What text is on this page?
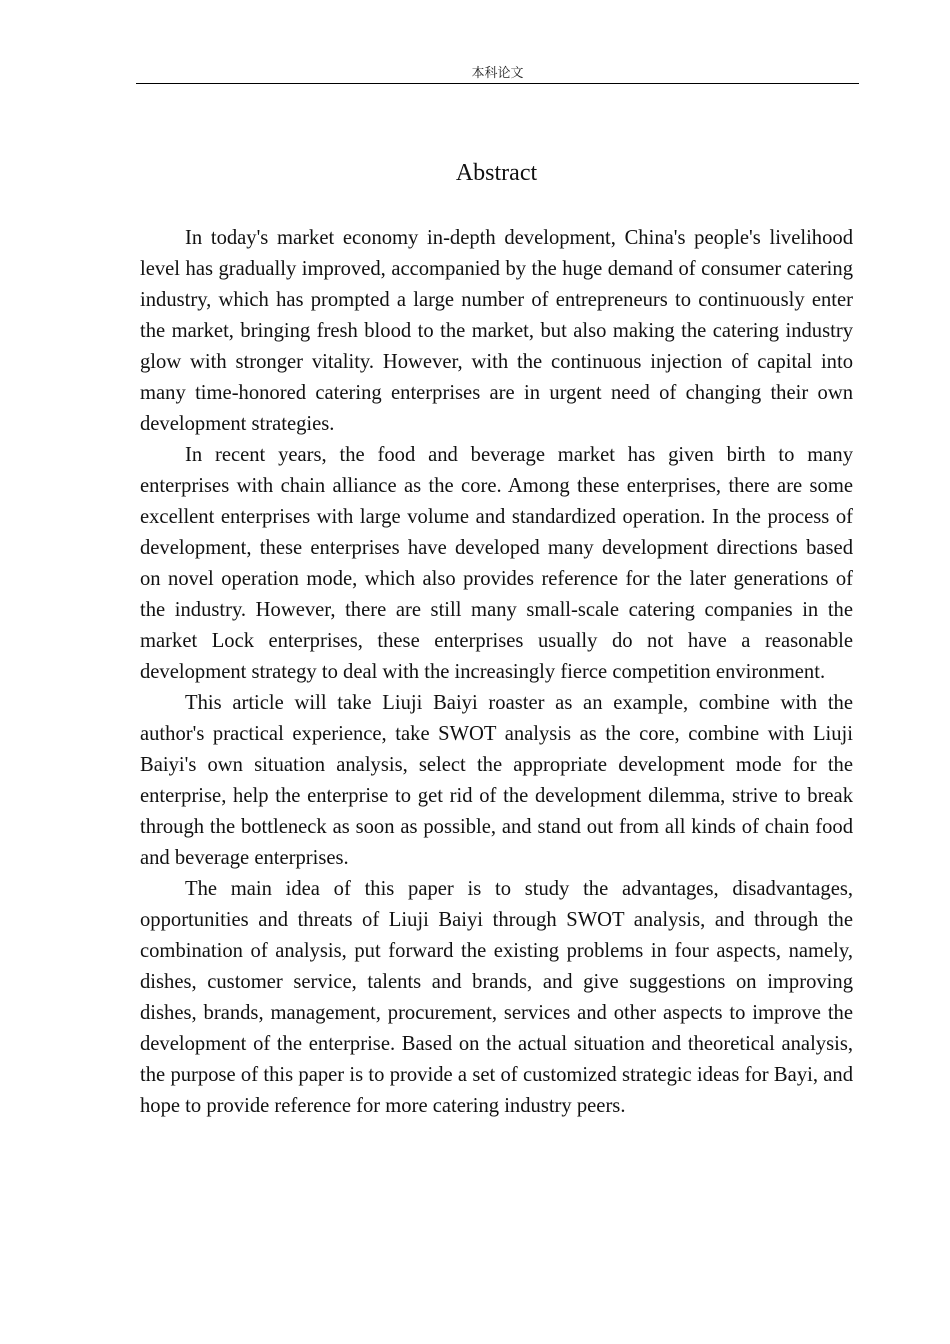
本科论文
Abstract

In today's market economy in-depth development, China's people's livelihood level has gradually improved, accompanied by the huge demand of consumer catering industry, which has prompted a large number of entrepreneurs to continuously enter the market, bringing fresh blood to the market, but also making the catering industry glow with stronger vitality. However, with the continuous injection of capital into many time-honored catering enterprises are in urgent need of changing their own development strategies.

In recent years, the food and beverage market has given birth to many enterprises with chain alliance as the core. Among these enterprises, there are some excellent enterprises with large volume and standardized operation. In the process of development, these enterprises have developed many development directions based on novel operation mode, which also provides reference for the later generations of the industry. However, there are still many small-scale catering companies in the market Lock enterprises, these enterprises usually do not have a reasonable development strategy to deal with the increasingly fierce competition environment.

This article will take Liuji Baiyi roaster as an example, combine with the author's practical experience, take SWOT analysis as the core, combine with Liuji Baiyi's own situation analysis, select the appropriate development mode for the enterprise, help the enterprise to get rid of the development dilemma, strive to break through the bottleneck as soon as possible, and stand out from all kinds of chain food and beverage enterprises.

The main idea of this paper is to study the advantages, disadvantages, opportunities and threats of Liuji Baiyi through SWOT analysis, and through the combination of analysis, put forward the existing problems in four aspects, namely, dishes, customer service, talents and brands, and give suggestions on improving dishes, brands, management, procurement, services and other aspects to improve the development of the enterprise. Based on the actual situation and theoretical analysis, the purpose of this paper is to provide a set of customized strategic ideas for Bayi, and hope to provide reference for more catering industry peers.
